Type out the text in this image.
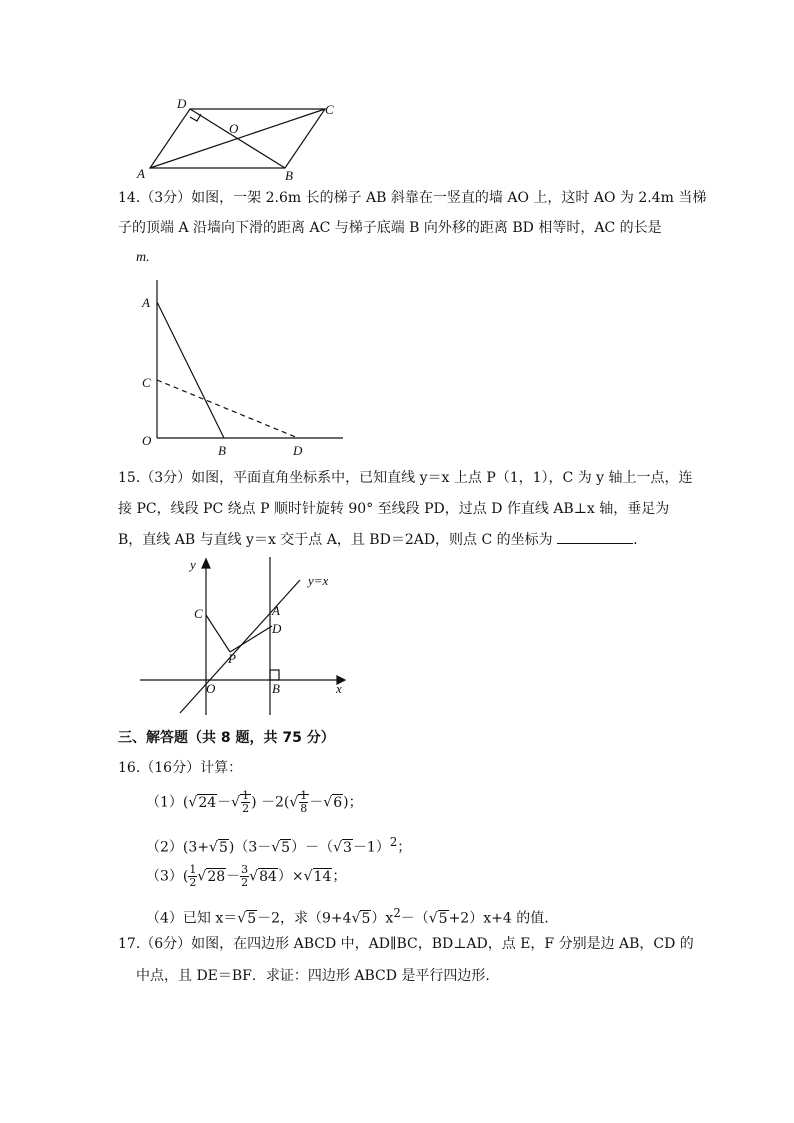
A	B
C
D
O
14.（3分）如图，一架 2.6m 长的梯子 AB 斜靠在一竖直的墙 AO 上，这时 AO 为 2.4m 当梯
子的顶端 A 沿墙向下滑的距离 AC 与梯子底端 B 向外移的距离 BD 相等时，AC 的长是
m.
A
C
O
B	D
15.（3分）如图，平面直角坐标系中，已知直线 y＝x 上点 P（1，1），C 为 y 轴上一点，连
接 PC，线段 PC 绕点 P 顺时针旋转 90° 至线段 PD，过点 D 作直线 AB⊥x 轴，垂足为
B，直线 AB 与直线 y＝x 交于点 A，且 BD＝2AD，则点 C 的坐标为	.
y
x
y=x
C	A
D
P
O	B
三、解答题（共 8 题，共 75 分）
16.（16分）计算：
$(1)(√24-√ \frac{1}{2}$ ) $-2(√ \frac{1}{8} -√6)$；
$(2)(3+√5)(3-√5)-(√3-1)^2$；
$(3)( \frac{1}{2} √28- \frac{3}{2} √84)\times√14$；
（4）已知 x＝√5－2，求$(9+4√5)x^2-(√5+2)x+4$ 的值.
17.（6分）如图，在四边形 ABCD 中，AD∥BC，BD⊥AD，点 E，F 分别是边 AB，CD 的
中点，且 DE＝BF．求证：四边形 ABCD 是平行四边形.
